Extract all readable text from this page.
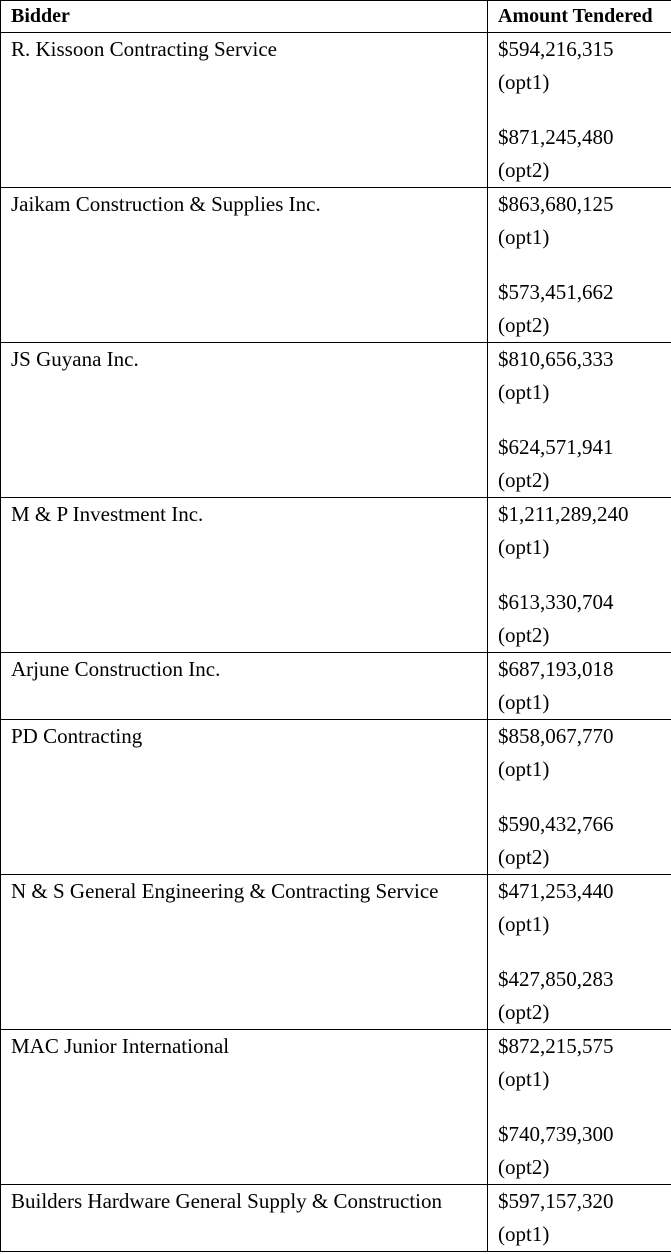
Bidder	Amount Tendered

R. Kissoon Contracting Service	$594,216,315
(opt1)
$871,245,480
(opt2)

Jaikam Construction & Supplies Inc.	$863,680,125
(opt1)
$573,451,662
(opt2)

JS Guyana Inc.	$810,656,333
(opt1)
$624,571,941
(opt2)

M & P Investment Inc.	$1,211,289,240
(opt1)
$613,330,704
(opt2)

Arjune Construction Inc.	$687,193,018
(opt1)

PD Contracting	$858,067,770
(opt1)
$590,432,766
(opt2)

N & S General Engineering & Contracting Service	$471,253,440
(opt1)
$427,850,283
(opt2)

MAC Junior International	$872,215,575
(opt1)
$740,739,300
(opt2)

Builders Hardware General Supply & Construction	$597,157,320
(opt1)
